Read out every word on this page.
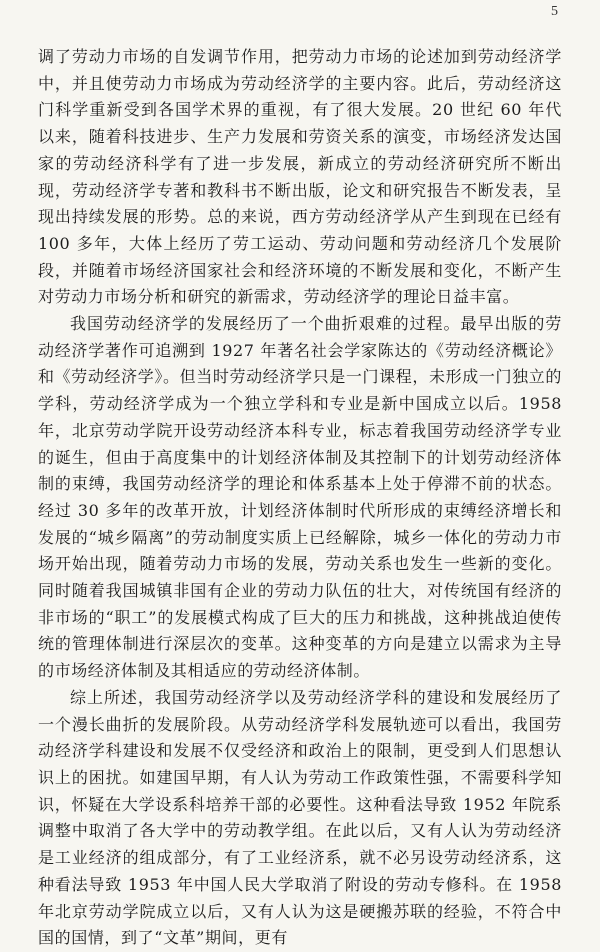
5

调了劳动力市场的自发调节作用，把劳动力市场的论述加到劳动经济学中，并且使劳动力市场成为劳动经济学的主要内容。此后，劳动经济这门科学重新受到各国学术界的重视，有了很大发展。20 世纪 60 年代以来，随着科技进步、生产力发展和劳资关系的演变，市场经济发达国家的劳动经济科学有了进一步发展，新成立的劳动经济研究所不断出现，劳动经济学专著和教科书不断出版，论文和研究报告不断发表，呈现出持续发展的形势。总的来说，西方劳动经济学从产生到现在已经有 100 多年，大体上经历了劳工运动、劳动问题和劳动经济几个发展阶段，并随着市场经济国家社会和经济环境的不断发展和变化，不断产生对劳动力市场分析和研究的新需求，劳动经济学的理论日益丰富。

我国劳动经济学的发展经历了一个曲折艰难的过程。最早出版的劳动经济学著作可追溯到 1927 年著名社会学家陈达的《劳动经济概论》和《劳动经济学》。但当时劳动经济学只是一门课程，未形成一门独立的学科，劳动经济学成为一个独立学科和专业是新中国成立以后。1958 年，北京劳动学院开设劳动经济本科专业，标志着我国劳动经济学专业的诞生，但由于高度集中的计划经济体制及其控制下的计划劳动经济体制的束缚，我国劳动经济学的理论和体系基本上处于停滞不前的状态。经过 30 多年的改革开放，计划经济体制时代所形成的束缚经济增长和发展的“城乡隔离”的劳动制度实质上已经解除，城乡一体化的劳动力市场开始出现，随着劳动力市场的发展，劳动关系也发生一些新的变化。同时随着我国城镇非国有企业的劳动力队伍的壮大，对传统国有经济的非市场的“职工”的发展模式构成了巨大的压力和挑战，这种挑战迫使传统的管理体制进行深层次的变革。这种变革的方向是建立以需求为主导的市场经济体制及其相适应的劳动经济体制。

综上所述，我国劳动经济学以及劳动经济学科的建设和发展经历了一个漫长曲折的发展阶段。从劳动经济学科发展轨迹可以看出，我国劳动经济学科建设和发展不仅受经济和政治上的限制，更受到人们思想认识上的困扰。如建国早期，有人认为劳动工作政策性强，不需要科学知识，怀疑在大学设系科培养干部的必要性。这种看法导致 1952 年院系调整中取消了各大学中的劳动教学组。在此以后，又有人认为劳动经济是工业经济的组成部分，有了工业经济系，就不必另设劳动经济系，这种看法导致 1953 年中国人民大学取消了附设的劳动专修科。在 1958 年北京劳动学院成立以后，又有人认为这是硬搬苏联的经验，不符合中国的国情，到了“文革”期间，更有
